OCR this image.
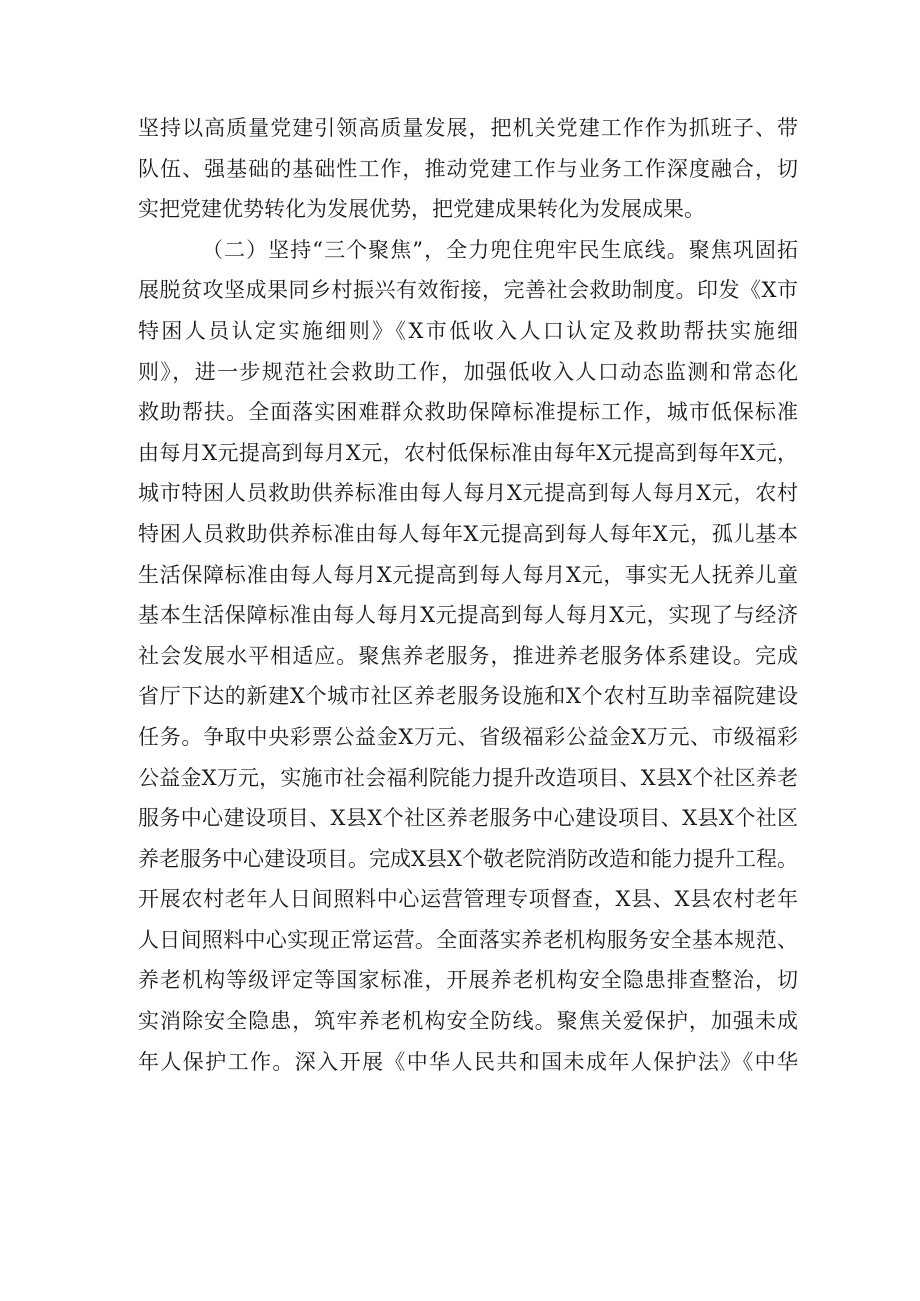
坚持以高质量党建引领高质量发展，把机关党建工作作为抓班子、带
队伍、强基础的基础性工作，推动党建工作与业务工作深度融合，切
实把党建优势转化为发展优势，把党建成果转化为发展成果。
（二）坚持“三个聚焦”，全力兜住兜牢民生底线。聚焦巩固拓
展脱贫攻坚成果同乡村振兴有效衔接，完善社会救助制度。印发《X市
特困人员认定实施细则》《X市低收入人口认定及救助帮扶实施细
则》，进一步规范社会救助工作，加强低收入人口动态监测和常态化
救助帮扶。全面落实困难群众救助保障标准提标工作，城市低保标准
由每月X元提高到每月X元，农村低保标准由每年X元提高到每年X元，
城市特困人员救助供养标准由每人每月X元提高到每人每月X元，农村
特困人员救助供养标准由每人每年X元提高到每人每年X元，孤儿基本
生活保障标准由每人每月X元提高到每人每月X元，事实无人抚养儿童
基本生活保障标准由每人每月X元提高到每人每月X元，实现了与经济
社会发展水平相适应。聚焦养老服务，推进养老服务体系建设。完成
省厅下达的新建X个城市社区养老服务设施和X个农村互助幸福院建设
任务。争取中央彩票公益金X万元、省级福彩公益金X万元、市级福彩
公益金X万元，实施市社会福利院能力提升改造项目、X县X个社区养老
服务中心建设项目、X县X个社区养老服务中心建设项目、X县X个社区
养老服务中心建设项目。完成X县X个敬老院消防改造和能力提升工程。
开展农村老年人日间照料中心运营管理专项督查，X县、X县农村老年
人日间照料中心实现正常运营。全面落实养老机构服务安全基本规范、
养老机构等级评定等国家标准，开展养老机构安全隐患排查整治，切
实消除安全隐患，筑牢养老机构安全防线。聚焦关爱保护，加强未成
年人保护工作。深入开展《中华人民共和国未成年人保护法》《中华
